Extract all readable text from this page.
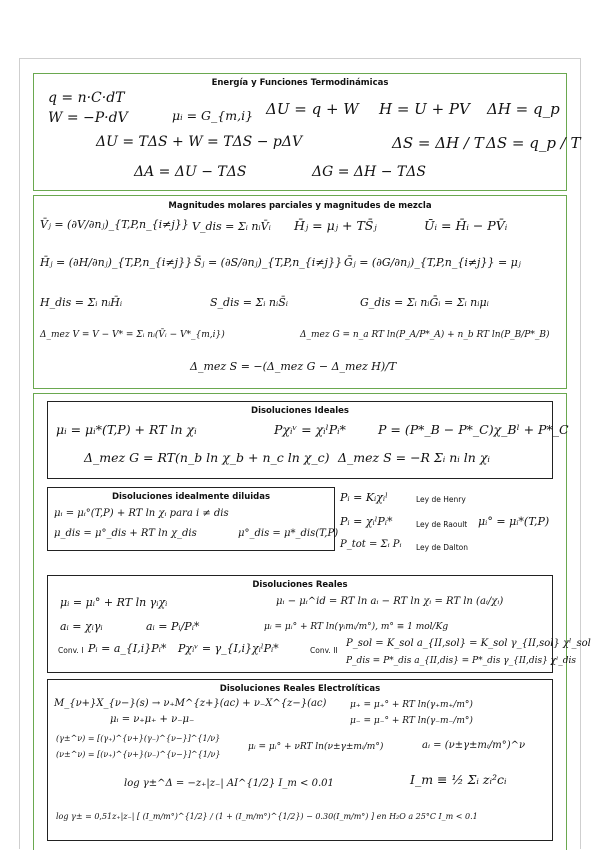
Energía y Funciones Termodinámicas
q = n·C·dT
W = −P·dV	μᵢ = G_{m,i} ΔU = q + W H = U + PV ΔH = q_p
ΔU = TΔS + W = TΔS − pΔV	ΔS = ΔH / T ΔS = q_p / T
ΔA = ΔU − TΔS	ΔG = ΔH − TΔS
Magnitudes molares parciales y magnitudes de mezcla
V̄ⱼ = (∂V/∂nⱼ)_{T,P,n_{i≠j}} V_dis = Σᵢ nᵢV̄ᵢ H̄ⱼ = μⱼ + TS̄ⱼ	Ūᵢ = H̄ᵢ − PV̄ᵢ
H̄ⱼ = (∂H/∂nⱼ)_{T,P,n_{i≠j}} S̄ⱼ = (∂S/∂nⱼ)_{T,P,n_{i≠j}} Ḡⱼ = (∂G/∂nⱼ)_{T,P,n_{i≠j}} = μⱼ
H_dis = Σᵢ nᵢH̄ᵢ	S_dis = Σᵢ nᵢS̄ᵢ	G_dis = Σᵢ nᵢḠᵢ = Σᵢ nᵢμᵢ
Δ_mez V = V − V* = Σᵢ nᵢ(V̄ᵢ − V*_{m,i})	Δ_mez G = n_a RT ln(P_A/P*_A) + n_b RT ln(P_B/P*_B)
Δ_mez S = −(Δ_mez G − Δ_mez H)/T
Disoluciones Ideales
μᵢ = μᵢ*(T,P) + RT ln χᵢ	Pχᵢᵛ = χᵢˡPᵢ*	P = (P*_B − P*_C)χ_Bˡ + P*_C
Δ_mez G = RT(n_b ln χ_b + n_c ln χ_c) Δ_mez S = −R Σᵢ nᵢ ln χᵢ
Disoluciones idealmente diluidas
μᵢ = μᵢ°(T,P) + RT ln χᵢ para i ≠ dis
μ_dis = μ°_dis + RT ln χ_dis	μ°_dis = μ*_dis(T,P)
Pᵢ = Kᵢχᵢˡ	Ley de Henry
Pᵢ = χᵢˡPᵢ*	Ley de Raoult μᵢ° = μᵢ*(T,P)
P_tot = Σᵢ Pᵢ Ley de Dalton
Disoluciones Reales
μᵢ = μᵢ° + RT ln γᵢχᵢ	μᵢ − μᵢ^id = RT ln aᵢ − RT ln χᵢ = RT ln (aᵢ/χᵢ)
aᵢ = χᵢγᵢ	aᵢ = Pᵢ/Pᵢ*	μᵢ = μᵢ° + RT ln(γᵢmᵢ/m°), m° ≡ 1 mol/Kg
Conv. I Pᵢ = a_{I,i}Pᵢ* Pχᵢᵛ = γ_{I,i}χᵢˡPᵢ*	Conv. II
P_sol = K_sol a_{II,sol} = K_sol γ_{II,sol} χˡ_sol
P_dis = P*_dis a_{II,dis} = P*_dis γ_{II,dis} χˡ_dis
Disoluciones Reales Electrolíticas
M_{ν+}X_{ν−}(s) → ν₊M^{z+}(ac) + ν₋X^{z−}(ac)	μ₊ = μ₊° + RT ln(γ₊m₊/m°)
μᵢ = ν₊μ₊ + ν₋μ₋	μ₋ = μ₋° + RT ln(γ₋m₋/m°)
(γ±^ν) = [(γ₊)^{ν+}(γ₋)^{ν−}]^{1/ν}
(ν±^ν) = [(ν₊)^{ν+}(ν₋)^{ν−}]^{1/ν}
μᵢ = μᵢ° + νRT ln(ν±γ±mᵢ/m°)	aᵢ = (ν±γ±mᵢ/m°)^ν
log γ±^Δ = −z₊|z₋| AI^{1/2} I_m < 0.01	I_m ≡ ½ Σᵢ zᵢ²cᵢ
log γ± = 0,51z₊|z₋| [ (I_m/m°)^{1/2} / (1 + (I_m/m°)^{1/2}) − 0.30(I_m/m°) ] en H₂O a 25°C I_m < 0.1
